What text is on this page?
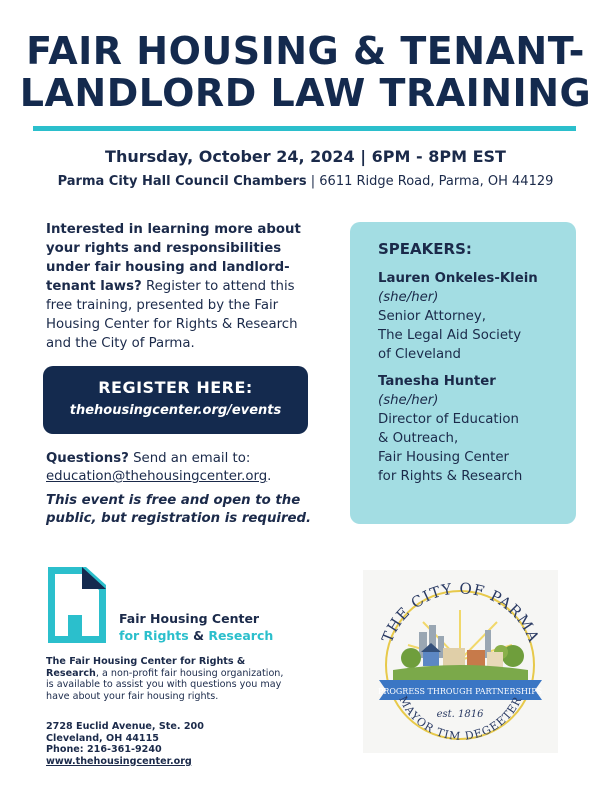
FAIR HOUSING & TENANT-
LANDLORD LAW TRAINING
Thursday, October 24, 2024 | 6PM - 8PM EST
Parma City Hall Council Chambers | 6611 Ridge Road, Parma, OH 44129
Interested in learning more about your rights and responsibilities under fair housing and landlord-tenant laws? Register to attend this free training, presented by the Fair Housing Center for Rights & Research and the City of Parma.
REGISTER HERE:
thehousingcenter.org/events
Questions? Send an email to:
education@thehousingcenter.org.
This event is free and open to the public, but registration is required.
SPEAKERS:
Lauren Onkeles-Klein
(she/her)
Senior Attorney,
The Legal Aid Society
of Cleveland
Tanesha Hunter
(she/her)
Director of Education
& Outreach,
Fair Housing Center
for Rights & Research
Fair Housing Center
for Rights & Research
The Fair Housing Center for Rights & Research, a non-profit fair housing organization, is available to assist you with questions you may have about your fair housing rights.
2728 Euclid Avenue, Ste. 200
Cleveland, OH 44115
Phone: 216-361-9240
www.thehousingcenter.org
PROGRESS THROUGH PARTNERSHIPS
THE CITY OF PARMA
est. 1816
MAYOR TIM DEGEETER
